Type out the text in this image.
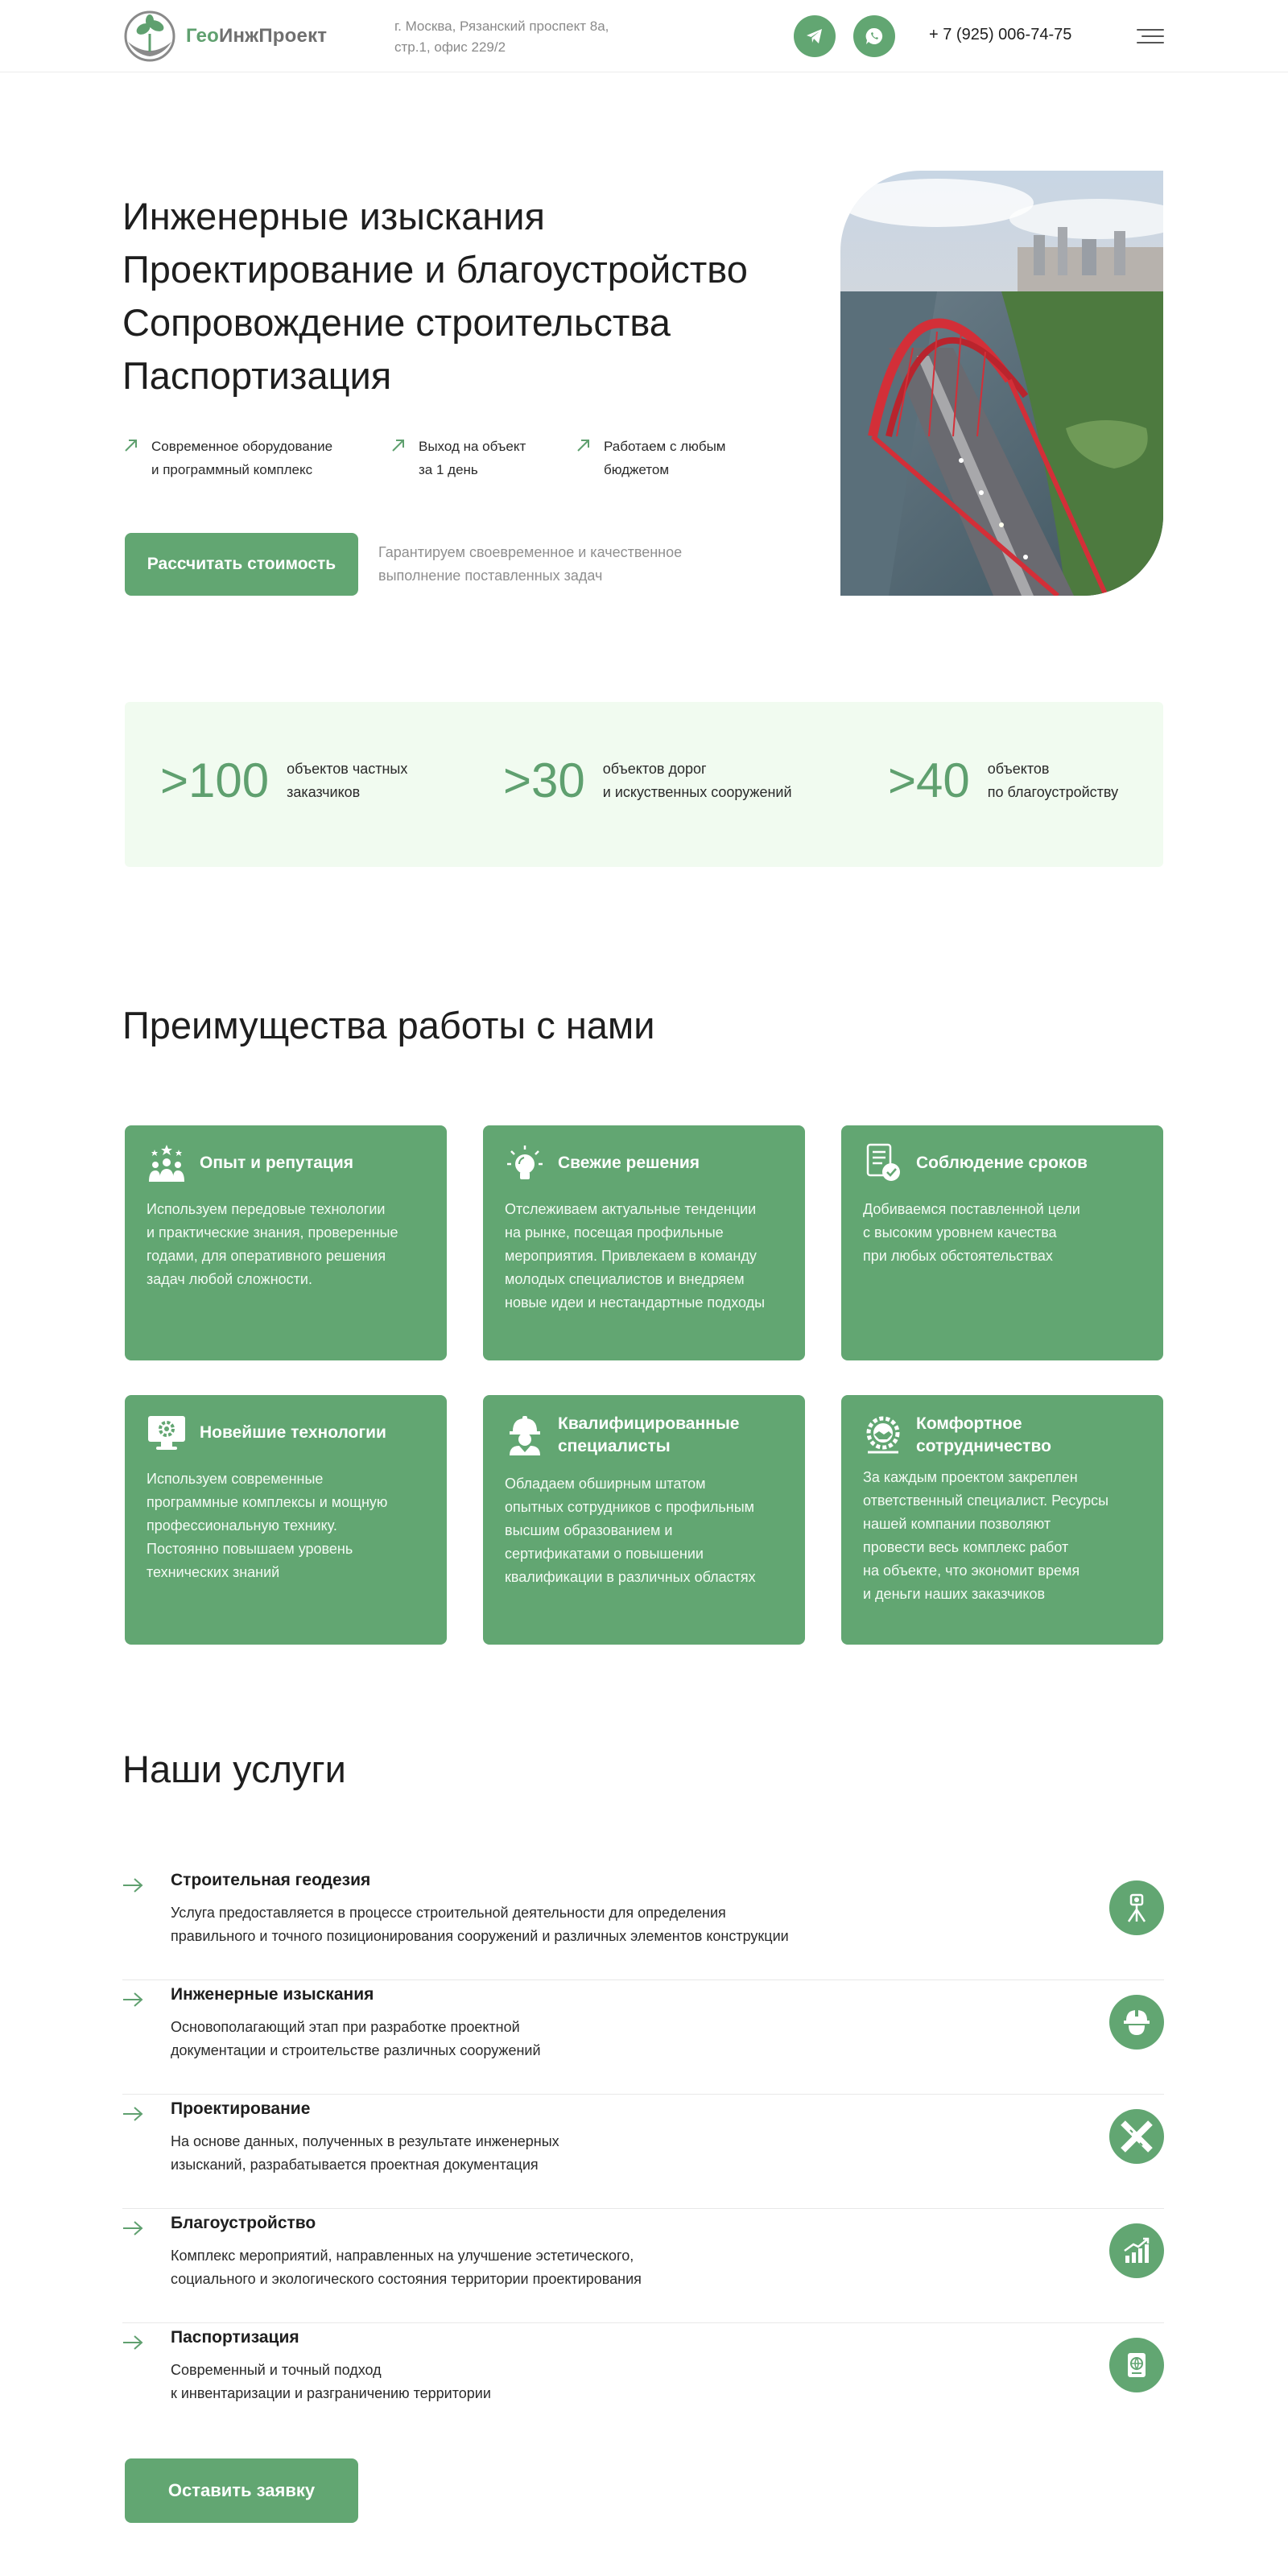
ГеоИнжПроект	г. Москва, Рязанский проспект 8а,
стр.1, офис 229/2
+ 7 (925) 006-74-75
Инженерные изыскания
Проектирование и благоустройство
Сопровождение строительства
Паспортизация
Современное оборудование
и программный комплекс
Выход на объект
за 1 день
Работаем с любым
бюджетом
Рассчитать стоимость
Гарантируем своевременное и качественное
выполнение поставленных задач
>100 объектов частных
заказчиков	>30 объектов дорог
и искуственных сооружений >40 объектов
по благоустройству
Преимущества работы с нами
Опыт и репутация
Используем передовые технологии
и практические знания, проверенные
годами, для оперативного решения
задач любой сложности.
Свежие решения
Отслеживаем актуальные тенденции
на рынке, посещая профильные
мероприятия. Привлекаем в команду
молодых специалистов и внедряем
новые идеи и нестандартные подходы
Соблюдение сроков
Добиваемся поставленной цели
с высоким уровнем качества
при любых обстоятельствах
Новейшие технологии
Используем современные
программные комплексы и мощную
профессиональную технику.
Постоянно повышаем уровень
технических знаний
Квалифицированные
специалисты
Обладаем обширным штатом
опытных сотрудников с профильным
высшим образованием и
сертификатами о повышении
квалификации в различных областях
Комфортное
сотрудничество
За каждым проектом закреплен
ответственный специалист. Ресурсы
нашей компании позволяют
провести весь комплекс работ
на объекте, что экономит время
и деньги наших заказчиков
Наши услуги
Строительная геодезия
Услуга предоставляется в процессе строительной деятельности для определения
правильного и точного позиционирования сооружений и различных элементов конструкции
Инженерные изыскания
Основополагающий этап при разработке проектной
документации и строительстве различных сооружений
Проектирование
На основе данных, полученных в результате инженерных
изысканий, разрабатывается проектная документация
Благоустройство
Комплекс мероприятий, направленных на улучшение эстетического,
социального и экологического состояния территории проектирования
Паспортизация
Современный и точный подход
к инвентаризации и разграничению территории
Оставить заявку
